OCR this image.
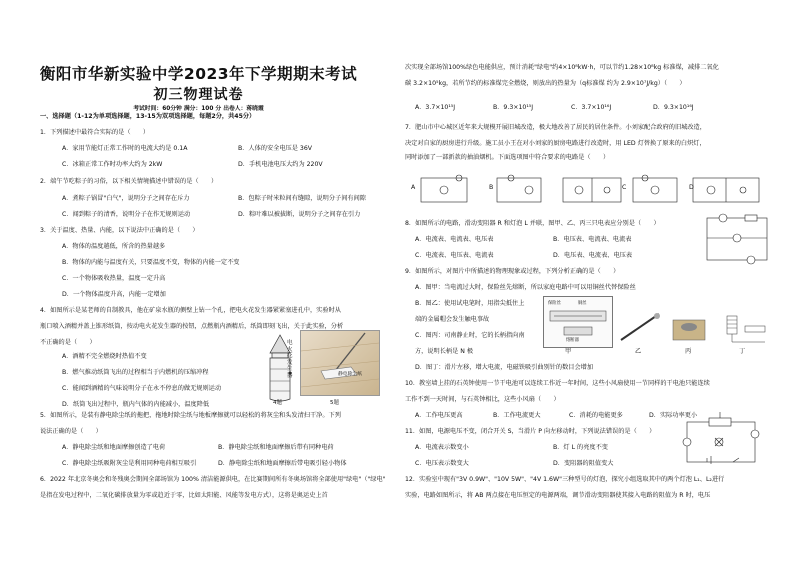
衡阳市华新实验中学2023年下学期期末考试
初三物理试卷
考试时间：60分钟 满分：100 分 出卷人：蒋晓霞
一、选择题（1-12为单项选择题，13-15为双项选择题，每题2分，共45分）
1．下列描述中最符合实际的是（　　）
A．家用节能灯正常工作时的电流大约是 0.1A	B．人体的安全电压是 36V
C．冰箱正常工作时功率大约为 2kW	D．手机电池电压大约为 220V
2．端午节吃粽子的习俗，以下相关情境描述中错误的是（　　）
A．煮粽子锅冒"白气"，说明分子之间存在斥力	B．包粽子时米粒间有缝隙，说明分子间有间隙
C．闻到粽子的清香，说明分子在作无规则运动	D．粽叶难以被拔断，说明分子之间存在引力
3．关于温度、热量、内能，以下说法中正确的是（　　）
A．物体的温度越低，所含的热量越多
B．物体的内能与温度有关，只要温度不变，物体的内能一定不变
C．一个物体吸收热量，温度一定升高
D．一个物体温度升高，内能一定增加
4．如图所示是某老师的自制教具，他在矿泉水瓶的侧壁上钻一个孔，把电火花发生器紧紧塞进孔中，实验时从
瓶口喷入酒精并盖上锥形纸筒，按动电火花发生器的按钮，点燃瓶内酒精后，纸筒即刻飞出，关于此实验，分析
不正确的是（　　）
A．酒精不完全燃烧时热值不变
B．燃气推动纸筒飞出的过程相当于内燃机的压缩冲程
C．能闻到酒精的气味说明分子在永不停息的做无规则运动
D．纸筒飞出过程中，瓶内气体的内能减小，温度降低
电火花发生器
4题
静电除尘纸
5题
5．如图所示，是装有静电除尘纸的拖把，拖地时除尘纸与地板摩擦就可以轻松的将灰尘和头发清扫干净。下列
说法正确的是（　　）
A．静电除尘纸和地面摩擦创造了电荷	B．静电除尘纸和地面摩擦后带有同种电荷
C．静电除尘纸吸附灰尘是利用同种电荷相互吸引	D．静电除尘纸和地面摩擦后带电吸引轻小物体
6．2022 年北京冬奥会和冬残奥会期间全部场馆为 100% 清洁能源供电，在比赛期间所有冬奥场馆将全部使用"绿电"（"绿电"
是指在发电过程中，二氧化碳排放量为零或趋近于零，比如太阳能、风能等发电方式），这将是奥运史上首
次实现全部场馆100%绿色电能供应，预计消耗"绿电"约4×10⁸kW·h，可以节约1.28×10⁸kg 标准煤，减排二氧化
碳 3.2×10⁵kg，若所节约的标准煤完全燃烧，则放出的热量为（q标准煤 约为 2.9×10⁷J/kg）（　　）
A．3.7×10¹⁵J	B．9.3×10¹⁵J	C．3.7×10¹⁶J	D．9.3×10¹⁶J
7．肥山市中心城区近年来大规模开展旧城改造，极大地改善了居民的居住条件。小刘家配合政府的旧城改造，
决定对自家的厨房进行升级。施工员小王在对小刘家的厨房电路进行改造时，用 LED 灯替换了原来的白炽灯，
同时添加了一部新款的抽油烟机。下面选项图中符合要求的电路是（　　）
A	B	C	D
8．如图所示的电路，滑动变阻器 R 和灯泡 L 并联，图甲、乙、丙三只电表应分别是（　　）
A．电流表、电流表、电压表	B．电压表、电流表、电流表
C．电流表、电压表、电流表	D．电压表、电流表、电压表
9．如图所示，对图片中所描述的物理现象或过程，下列分析正确的是（　　）
A．图甲：当电流过大时，保险丝先熔断，所以家庭电路中可以用铜丝代替保险丝
B．图乙：使用试电笔时，用指尖抵住上
端的金属帽会发生触电事故
C．图丙：司南静止时，它的长柄指向南
方，说明长柄是 N 极
D．图丁：滑片左移，增大电流，电磁铁吸引曲别针的数目会增加
保险丝	铜丝
熔断器
甲	乙	丙	丁
10．教室墙上挂的石英钟使用一节干电池可以连续工作近一年时间，这些小风扇使用一节同样的干电池只能连续
工作不到一天时间，与石英钟相比，这些小风扇（　　）
A．工作电压更高	B．工作电流更大	C．消耗的电能更多	D．实际功率更小
11．如图，电源电压不变，闭合开关 S，当滑片 P 向左移动时，下列说法错误的是（　　）
A．电流表示数变小	B．灯 L 的亮度不变
C．电压表示数变大	D．变阻器的阻值变大
12．实验室中现有"3V 0.9W"、"10V 5W"、"4V 1.6W"三种型号的灯泡，探究小组选取其中的两个灯泡 L₁、L₂进行
实验，电路如图所示，将 AB 两点接在电压恒定的电源两端，调节滑动变阻器使其接入电路的阻值为 R 时，电压
